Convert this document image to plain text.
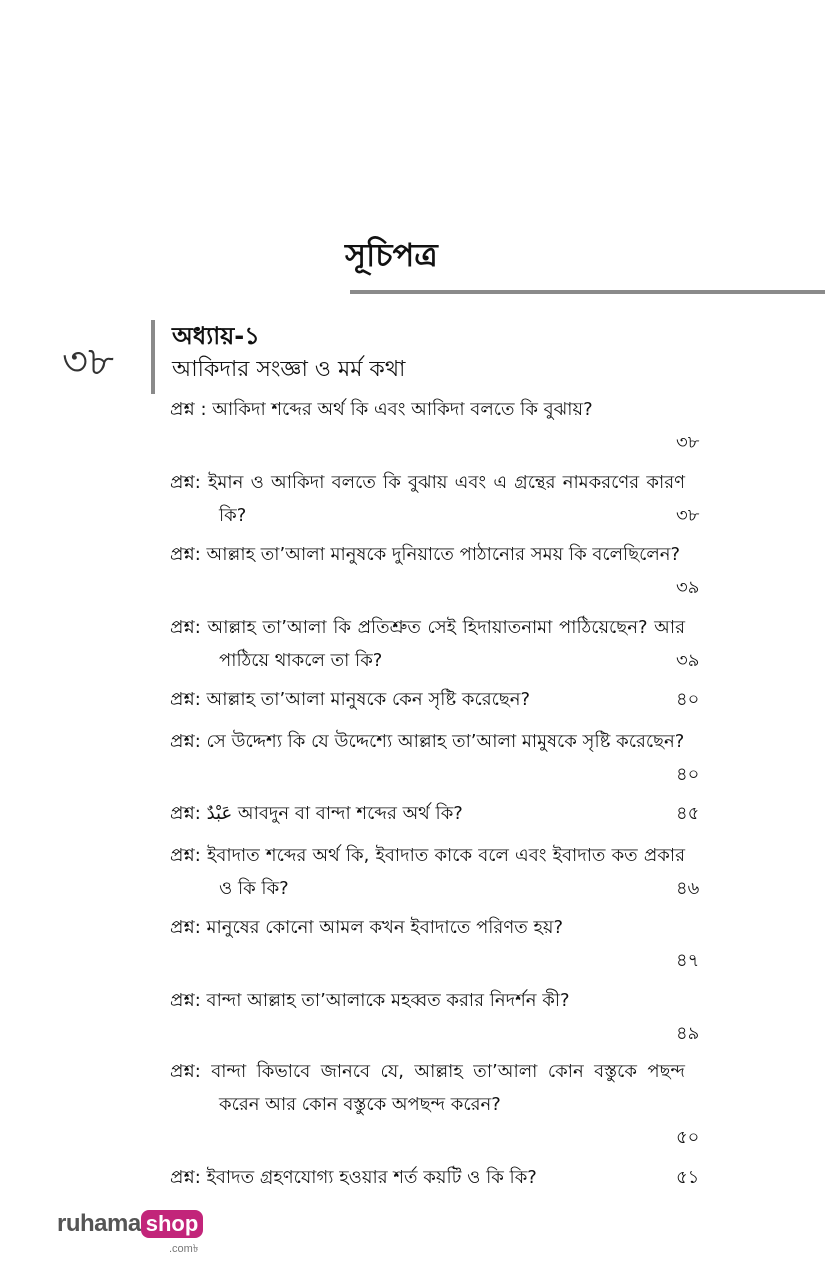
সূচিপত্র
৩৮
অধ্যায়-১
আকিদার সংজ্ঞা ও মর্ম কথা
প্রশ্ন : আকিদা শব্দের অর্থ কি এবং আকিদা বলতে কি বুঝায়?
৩৮
প্রশ্ন: ইমান ও আকিদা বলতে কি বুঝায় এবং এ গ্রন্থের নামকরণের কারণ কি?	৩৮
প্রশ্ন: আল্লাহ তা’আলা মানুষকে দুনিয়াতে পাঠানোর সময় কি বলেছিলেন?
৩৯
প্রশ্ন: আল্লাহ তা’আলা কি প্রতিশ্রুত সেই হিদায়াতনামা পাঠিয়েছেন? আর পাঠিয়ে থাকলে তা কি?	৩৯
প্রশ্ন: আল্লাহ তা’আলা মানুষকে কেন সৃষ্টি করেছেন?	৪০
প্রশ্ন: সে উদ্দেশ্য কি যে উদ্দেশ্যে আল্লাহ তা’আলা মামুষকে সৃষ্টি করেছেন?
৪০
প্রশ্ন: عَبْدٌ আবদুন বা বান্দা শব্দের অর্থ কি?	৪৫
প্রশ্ন: ইবাদাত শব্দের অর্থ কি, ইবাদাত কাকে বলে এবং ইবাদাত কত প্রকার ও কি কি?	৪৬
প্রশ্ন: মানুষের কোনো আমল কখন ইবাদাতে পরিণত হয়?
৪৭
প্রশ্ন: বান্দা আল্লাহ তা’আলাকে মহব্বত করার নিদর্শন কী?
৪৯
প্রশ্ন: বান্দা কিভাবে জানবে যে, আল্লাহ তা’আলা কোন বস্তুকে পছন্দ করেন আর কোন বস্তুকে অপছন্দ করেন?
৫০
প্রশ্ন: ইবাদত গ্রহণযোগ্য হওয়ার শর্ত কয়টি ও কি কি?	৫১
ruhama shop
.com৳
